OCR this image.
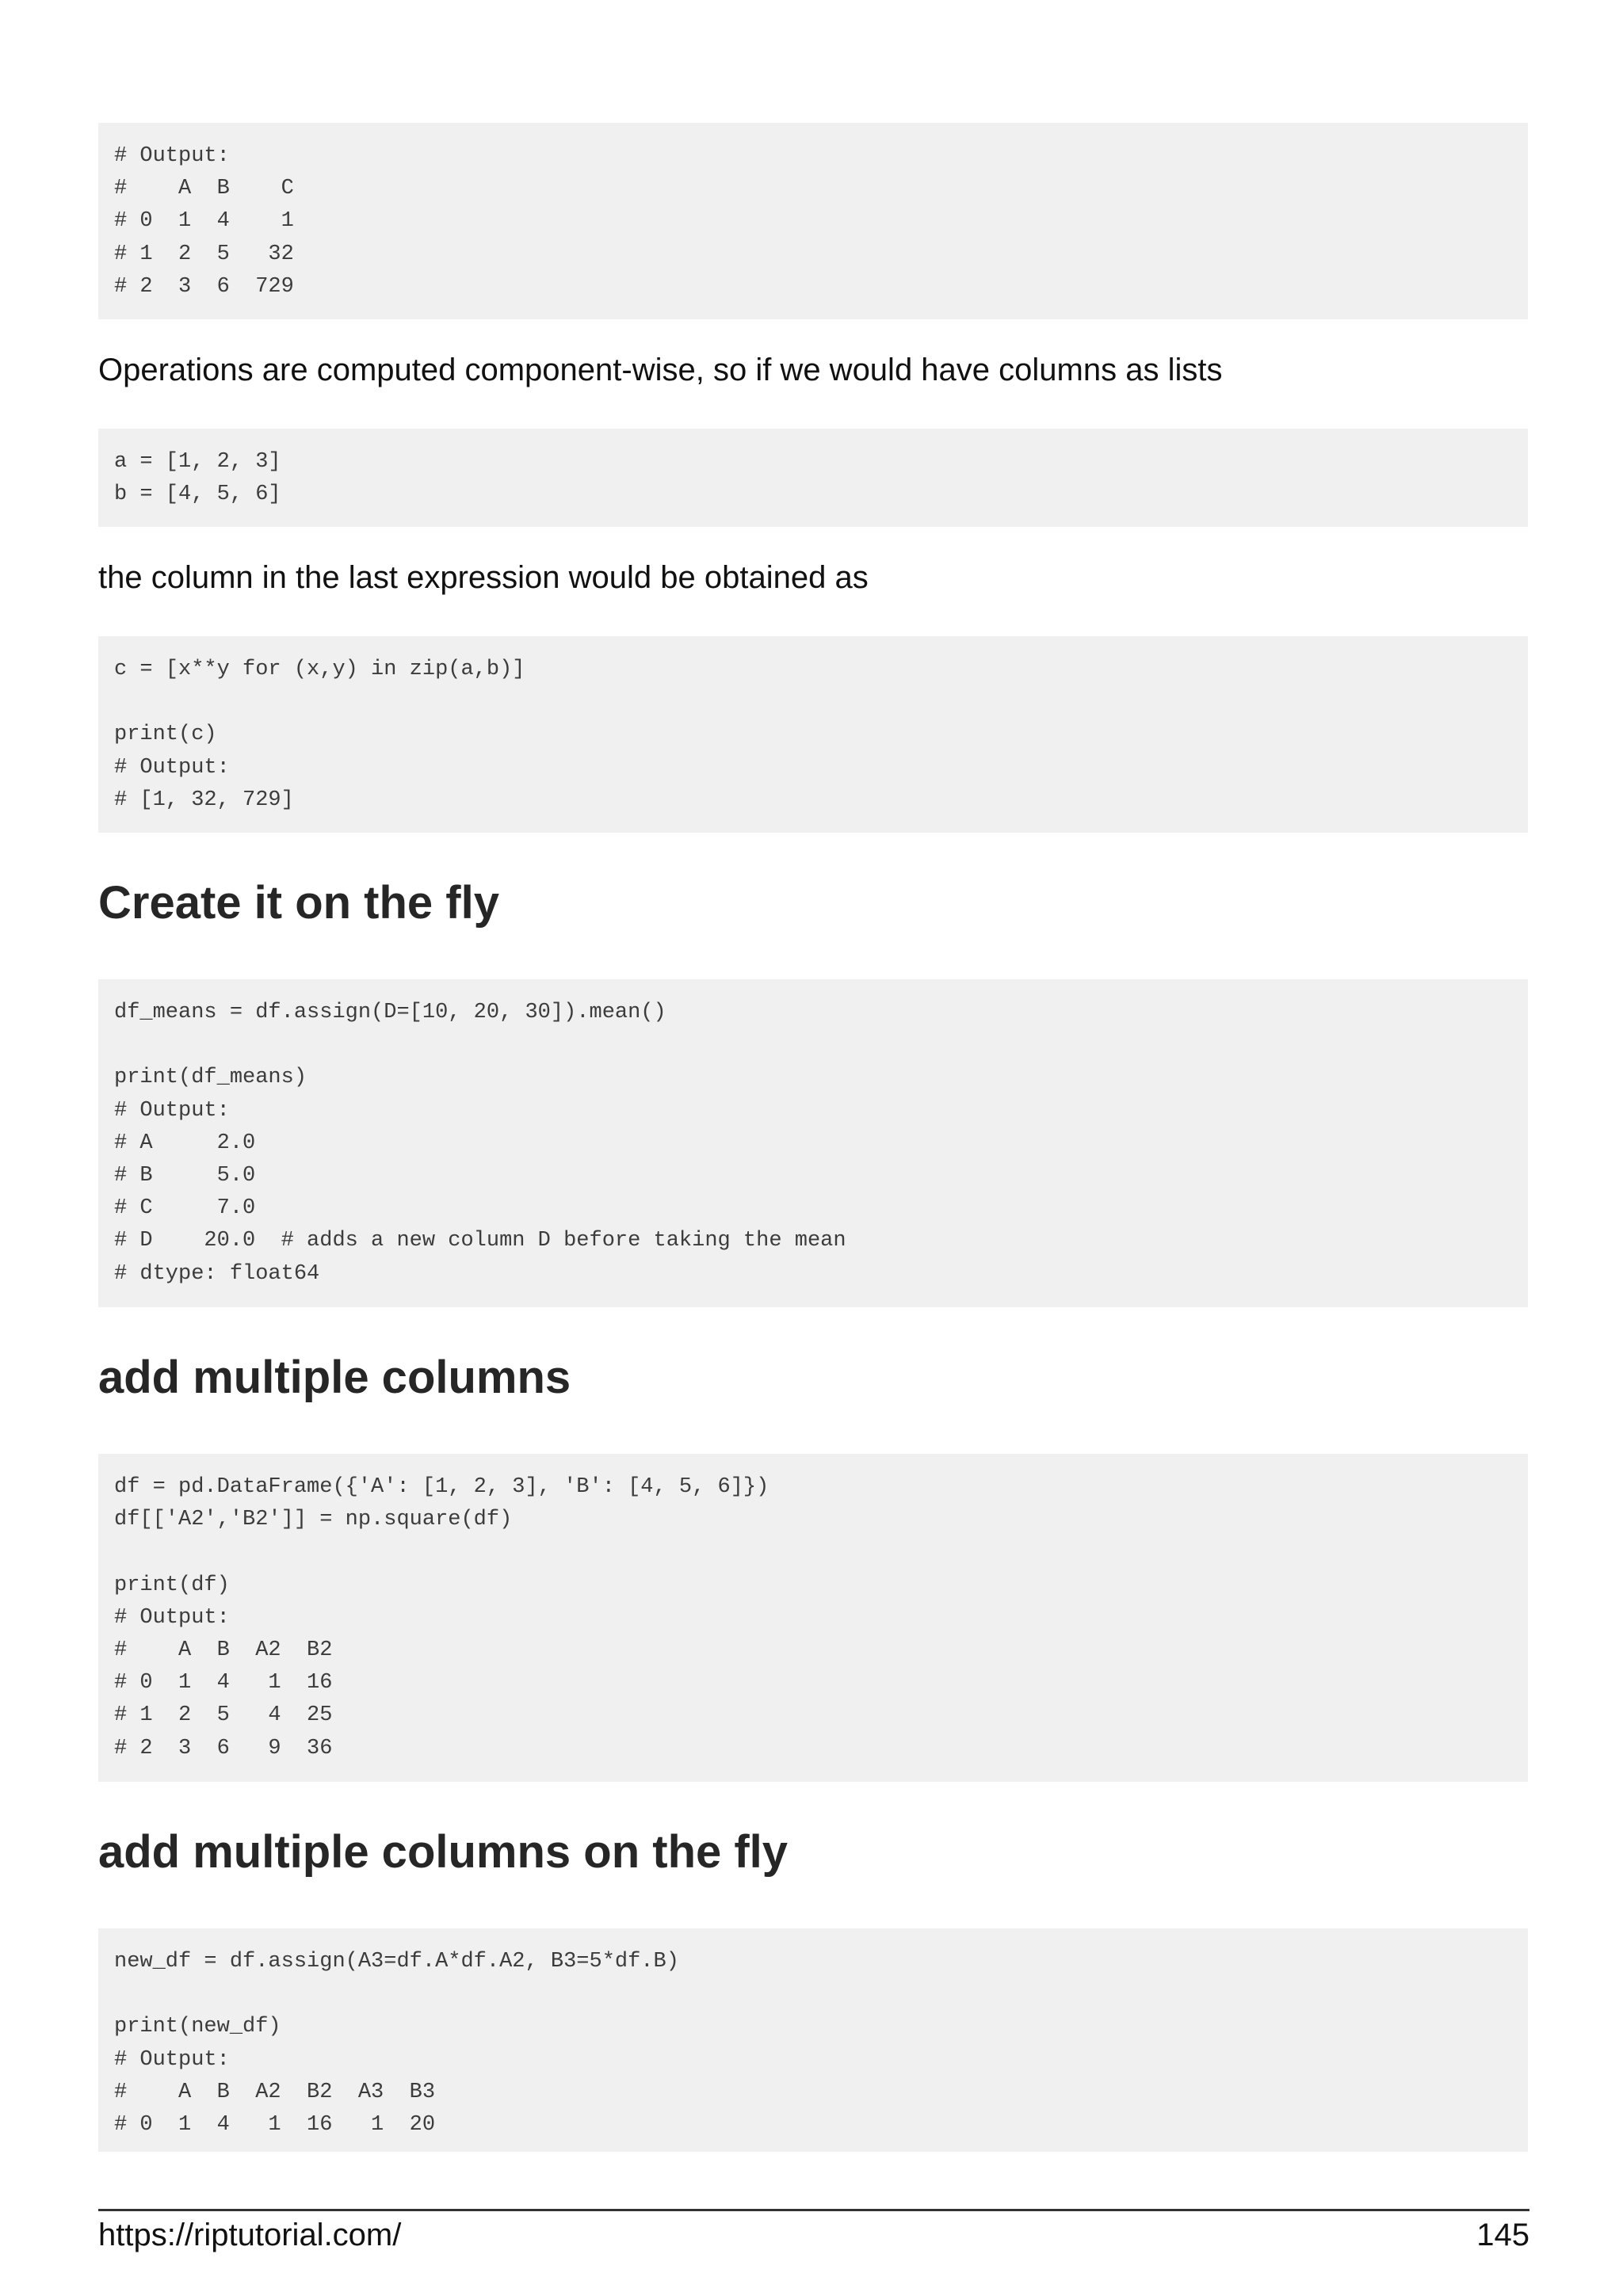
# Output:
#    A  B    C
# 0  1  4    1
# 1  2  5   32
# 2  3  6  729

Operations are computed component-wise, so if we would have columns as lists

a = [1, 2, 3]
b = [4, 5, 6]

the column in the last expression would be obtained as

c = [x**y for (x,y) in zip(a,b)]

print(c)
# Output:
# [1, 32, 729]
Create it on the fly
df_means = df.assign(D=[10, 20, 30]).mean()

print(df_means)
# Output:
# A     2.0
# B     5.0
# C     7.0
# D    20.0  # adds a new column D before taking the mean
# dtype: float64
add multiple columns
df = pd.DataFrame({'A': [1, 2, 3], 'B': [4, 5, 6]})
df[['A2','B2']] = np.square(df)

print(df)
# Output:
#    A  B  A2  B2
# 0  1  4   1  16
# 1  2  5   4  25
# 2  3  6   9  36
add multiple columns on the fly
new_df = df.assign(A3=df.A*df.A2, B3=5*df.B)

print(new_df)
# Output:
#    A  B  A2  B2  A3  B3
# 0  1  4   1  16   1  20
https://riptutorial.com/	145
